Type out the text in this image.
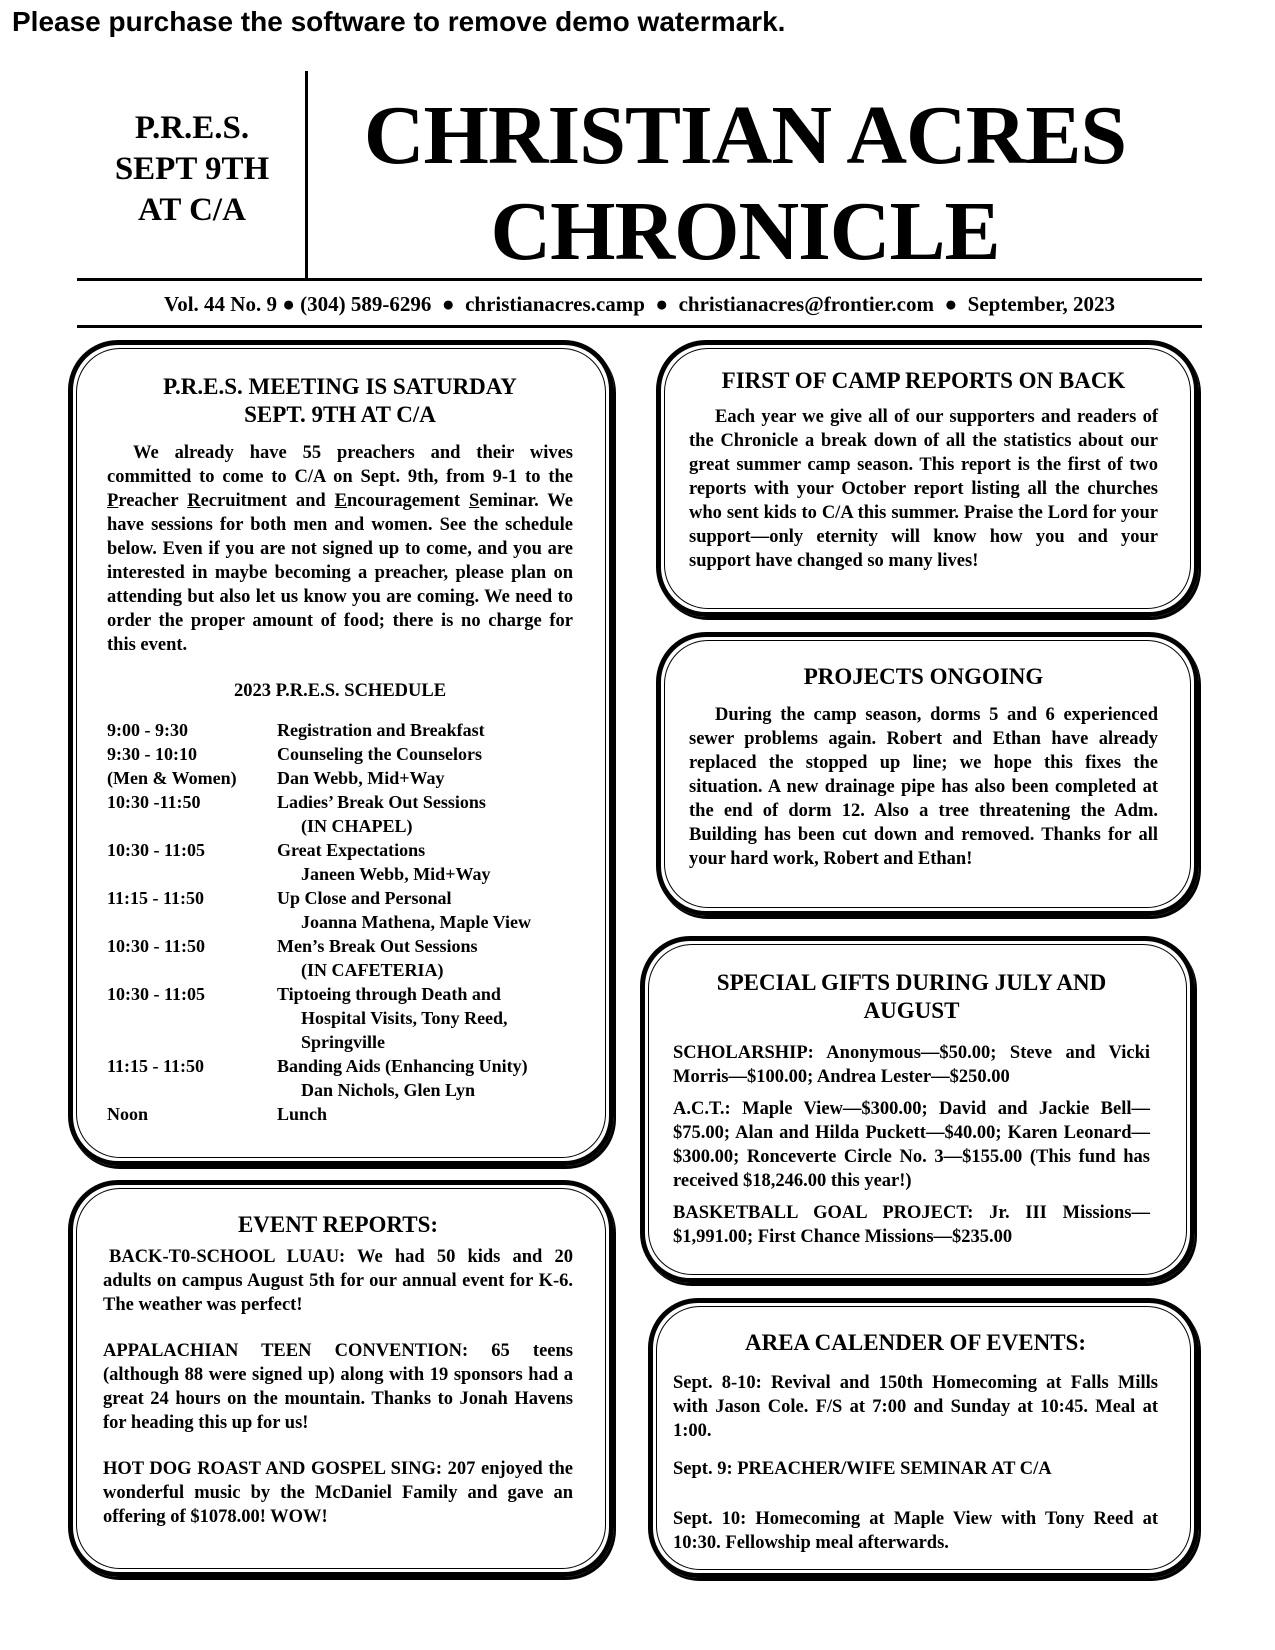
Please purchase the software to remove demo watermark.
P.R.E.S.
SEPT 9TH
AT C/A
CHRISTIAN ACRES
CHRONICLE
Vol. 44 No. 9 ● (304) 589-6296 ● christianacres.camp ● christianacres@frontier.com ● September, 2023
P.R.E.S. MEETING IS SATURDAY
SEPT. 9TH AT C/A

We already have 55 preachers and their wives committed to come to C/A on Sept. 9th, from 9-1 to the Preacher Recruitment and Encouragement Seminar. We have sessions for both men and women. See the schedule below. Even if you are not signed up to come, and you are interested in maybe becoming a preacher, please plan on attending but also let us know you are coming. We need to order the proper amount of food; there is no charge for this event.

2023 P.R.E.S. SCHEDULE
9:00 - 9:30	Registration and Breakfast
9:30 - 10:10	Counseling the Counselors
(Men & Women)	Dan Webb, Mid+Way
10:30 -11:50	Ladies’ Break Out Sessions
(IN CHAPEL)
10:30 - 11:05	Great Expectations
Janeen Webb, Mid+Way
11:15 - 11:50	Up Close and Personal
Joanna Mathena, Maple View
10:30 - 11:50	Men’s Break Out Sessions
(IN CAFETERIA)
10:30 - 11:05	Tiptoeing through Death and
Hospital Visits, Tony Reed, Springville
11:15 - 11:50	Banding Aids (Enhancing Unity)
Dan Nichols, Glen Lyn
Noon	Lunch
EVENT REPORTS:

BACK-T0-SCHOOL LUAU: We had 50 kids and 20 adults on campus August 5th for our annual event for K-6. The weather was perfect!

APPALACHIAN TEEN CONVENTION: 65 teens (although 88 were signed up) along with 19 sponsors had a great 24 hours on the mountain. Thanks to Jonah Havens for heading this up for us!

HOT DOG ROAST AND GOSPEL SING: 207 enjoyed the wonderful music by the McDaniel Family and gave an offering of $1078.00! WOW!

FIRST OF CAMP REPORTS ON BACK

Each year we give all of our supporters and readers of the Chronicle a break down of all the statistics about our great summer camp season. This report is the first of two reports with your October report listing all the churches who sent kids to C/A this summer. Praise the Lord for your support—only eternity will know how you and your support have changed so many lives!

PROJECTS ONGOING

During the camp season, dorms 5 and 6 experienced sewer problems again. Robert and Ethan have already replaced the stopped up line; we hope this fixes the situation. A new drainage pipe has also been completed at the end of dorm 12. Also a tree threatening the Adm. Building has been cut down and removed. Thanks for all your hard work, Robert and Ethan!

SPECIAL GIFTS DURING JULY AND
AUGUST

SCHOLARSHIP: Anonymous—$50.00; Steve and Vicki Morris—$100.00; Andrea Lester—$250.00

A.C.T.: Maple View—$300.00; David and Jackie Bell—$75.00; Alan and Hilda Puckett—$40.00; Karen Leonard—$300.00; Ronceverte Circle No. 3—$155.00 (This fund has received $18,246.00 this year!)

BASKETBALL GOAL PROJECT: Jr. III Missions—$1,991.00; First Chance Missions—$235.00

AREA CALENDER OF EVENTS:

Sept. 8-10: Revival and 150th Homecoming at Falls Mills with Jason Cole. F/S at 7:00 and Sunday at 10:45. Meal at 1:00.

Sept. 9: PREACHER/WIFE SEMINAR AT C/A

Sept. 10: Homecoming at Maple View with Tony Reed at 10:30. Fellowship meal afterwards.
